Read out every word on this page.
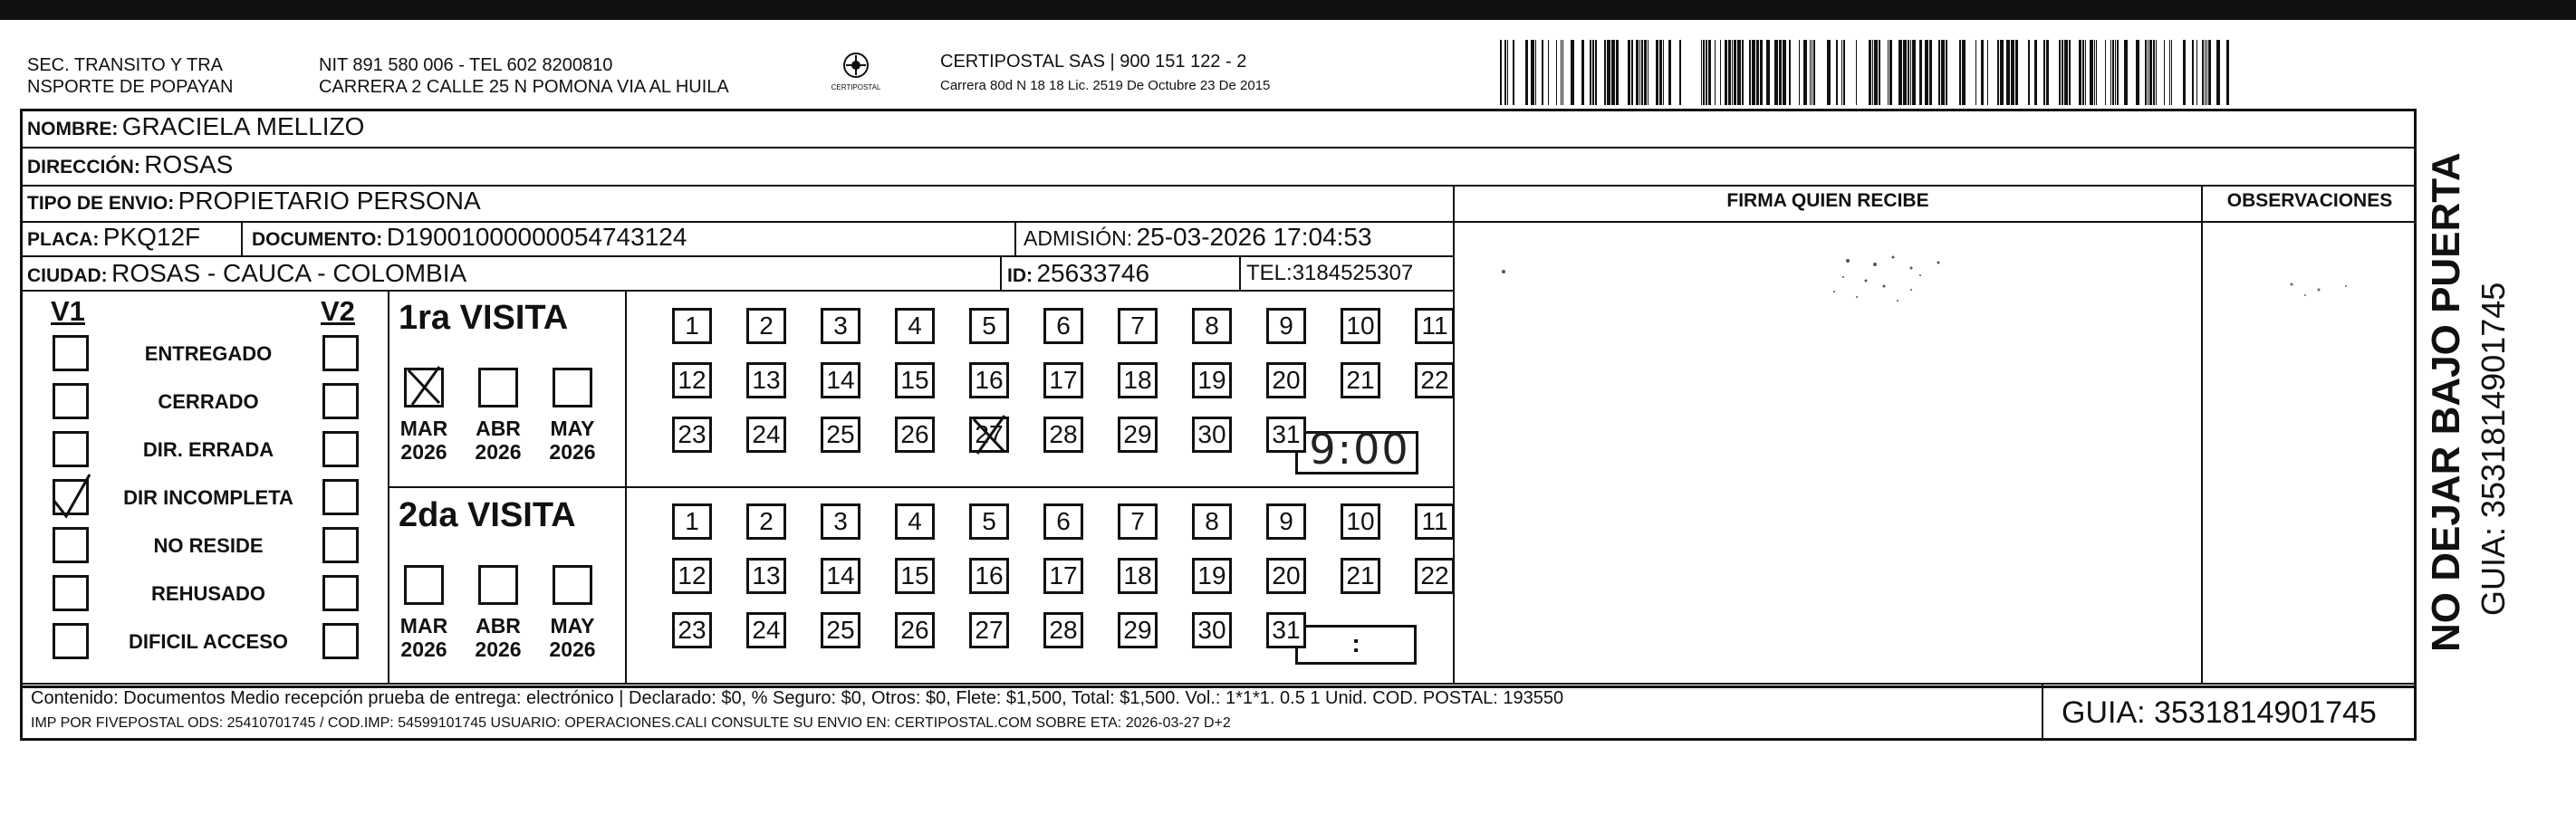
SEC. TRANSITO Y TRA
NSPORTE DE POPAYAN
NIT 891 580 006 - TEL 602 8200810
CARRERA 2 CALLE 25 N POMONA VIA AL HUILA	CERTIPOSTAL
CERTIPOSTAL SAS | 900 151 122 - 2
Carrera 80d N 18 18 Lic. 2519 De Octubre 23 De 2015
NOMBRE: GRACIELA MELLIZO
DIRECCIÓN: ROSAS
TIPO DE ENVIO: PROPIETARIO PERSONA
PLACA: PKQ12F	DOCUMENTO: D19001000000054743124	ADMISIÓN: 25-03-2026 17:04:53
CIUDAD: ROSAS - CAUCA - COLOMBIA	ID: 25633746	TEL:3184525307
FIRMA QUIEN RECIBE	OBSERVACIONES
V1	V2 1ra VISITA
2da VISITA
9:00
:
Contenido: Documentos Medio recepción prueba de entrega: electrónico | Declarado: $0, % Seguro: $0, Otros: $0, Flete: $1,500, Total: $1,500. Vol.: 1*1*1. 0.5 1 Unid. COD. POSTAL: 193550
IMP POR FIVEPOSTAL ODS: 25410701745 / COD.IMP: 54599101745 USUARIO: OPERACIONES.CALI CONSULTE SU ENVIO EN: CERTIPOSTAL.COM SOBRE ETA: 2026-03-27 D+2	GUIA: 3531814901745
NO DEJAR BAJO PUERTA GUIA: 3531814901745
ENTREGADO
CERRADO
DIR. ERRADA
DIR INCOMPLETA
NO RESIDE
REHUSADO
DIFICIL ACCESO
MAR
2026
ABR
2026
MAY
2026
MAR
2026
ABR
2026
MAY
2026
1	2	3	4	5	6	7	8	9	10 11
12 13 14 15 16 17 18 19 20 21 22
23 24 25 26 27 28 29 30 31
1	2	3	4	5	6	7	8	9	10 11
12 13 14 15 16 17 18 19 20 21 22
23 24 25 26 27 28 29 30 31
